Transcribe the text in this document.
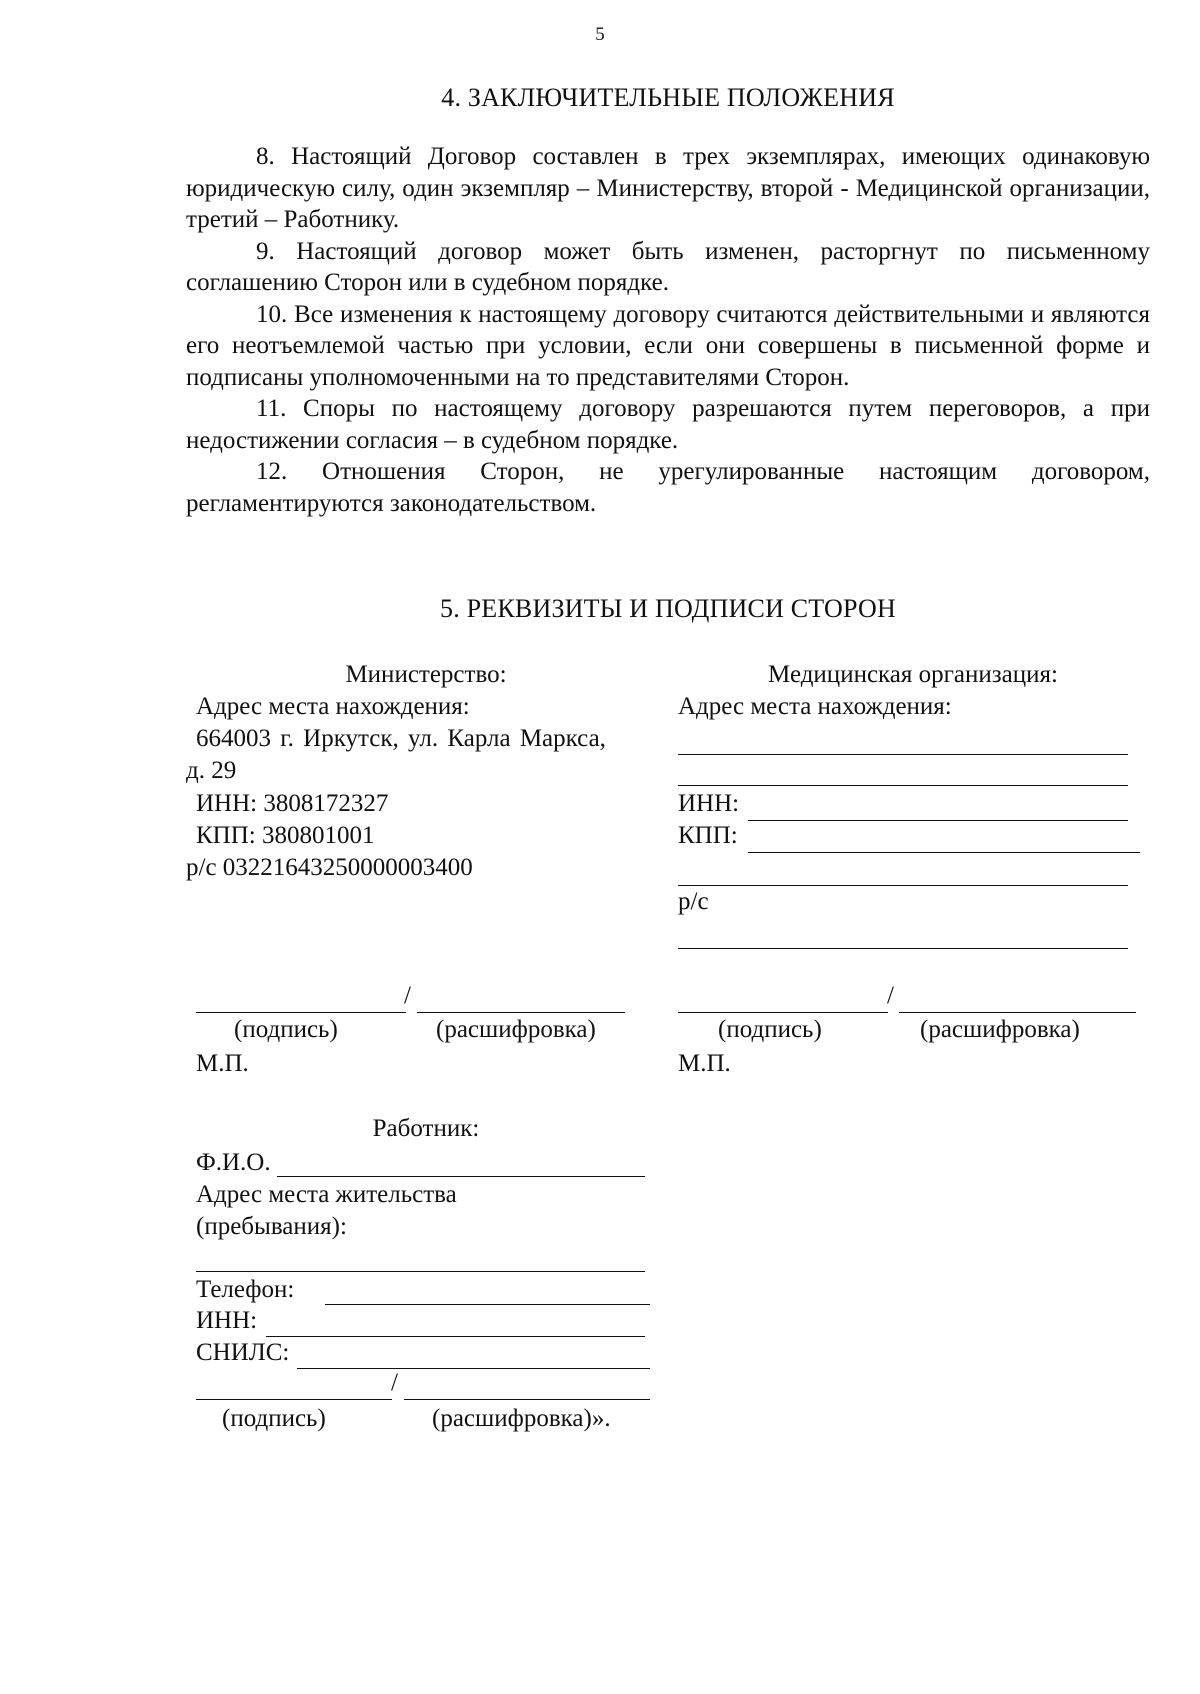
5
4. ЗАКЛЮЧИТЕЛЬНЫЕ ПОЛОЖЕНИЯ

8. Настоящий Договор составлен в трех экземплярах, имеющих одинаковую юридическую силу, один экземпляр – Министерству, второй - Медицинской организации, третий – Работнику.

9. Настоящий договор может быть изменен, расторгнут по письменному соглашению Сторон или в судебном порядке.

10. Все изменения к настоящему договору считаются действительными и являются его неотъемлемой частью при условии, если они совершены в письменной форме и подписаны уполномоченными на то представителями Сторон.

11. Споры по настоящему договору разрешаются путем переговоров, а при недостижении согласия – в судебном порядке.

12. Отношения Сторон, не урегулированные настоящим договором, регламентируются законодательством.

5. РЕКВИЗИТЫ И ПОДПИСИ СТОРОН
Министерство:
Адрес места нахождения:
664003 г. Иркутск, ул. Карла Маркса,
д. 29
ИНН: 3808172327
КПП: 380801001
р/с 03221643250000003400
/
(подпись)	(расшифровка)
М.П.
Медицинская организация:
Адрес места нахождения:
ИНН:
КПП:
р/с
/
(подпись)	(расшифровка)
М.П.
Работник:
Ф.И.О.
Адрес места жительства
(пребывания):
Телефон:
ИНН:
СНИЛС:
/
(подпись)	(расшифровка)».
